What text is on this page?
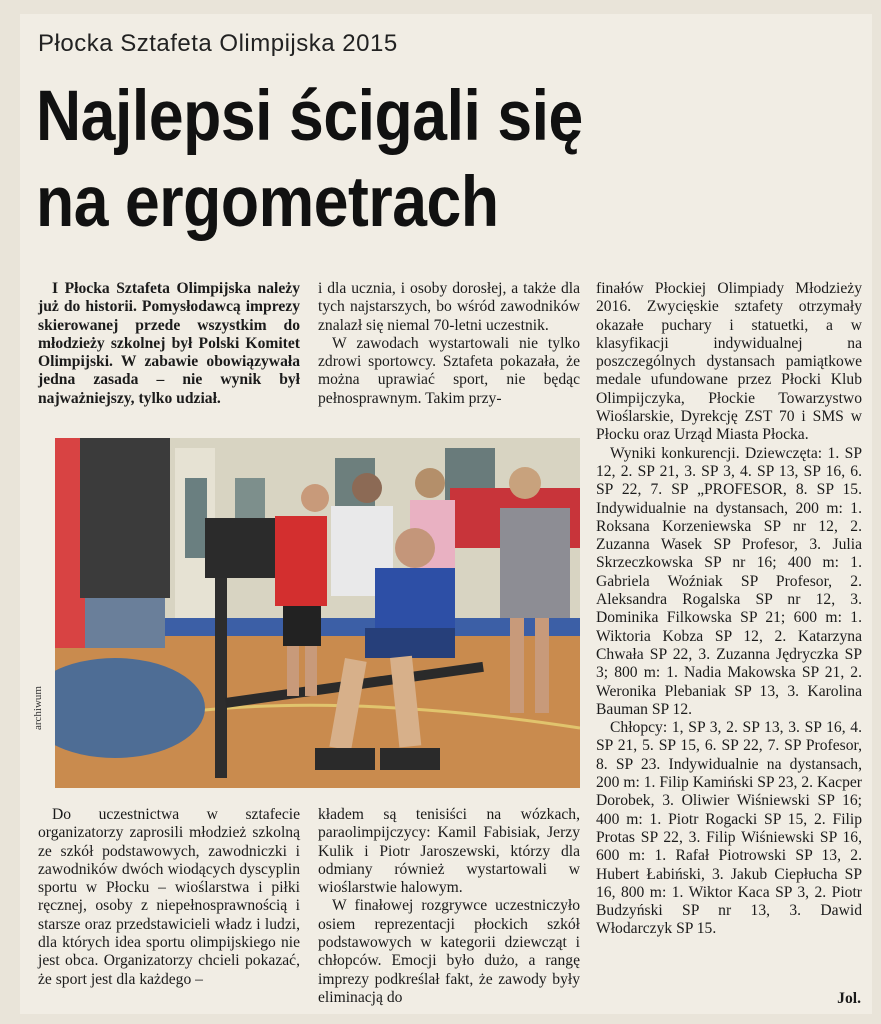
Płocka Sztafeta Olimpijska 2015
Najlepsi ścigali się
na ergometrach

I Płocka Sztafeta Olimpijska należy już do historii. Pomysłodawcą imprezy skierowanej przede wszystkim do młodzieży szkolnej był Polski Komitet Olimpijski. W zabawie obowiązywała jedna zasada – nie wynik był najważniejszy, tylko udział.

i dla ucznia, i osoby dorosłej, a także dla tych najstarszych, bo wśród zawodników znalazł się niemal 70-letni uczestnik.

W zawodach wystartowali nie tylko zdrowi sportowcy. Sztafeta pokazała, że można uprawiać sport, nie będąc pełnosprawnym. Takim przy-

finałów Płockiej Olimpiady Młodzieży 2016. Zwycięskie sztafety otrzymały okazałe puchary i statuetki, a w klasyfikacji indywidualnej na poszczególnych dystansach pamiątkowe medale ufundowane przez Płocki Klub Olimpijczyka, Płockie Towarzystwo Wioślarskie, Dyrekcję ZST 70 i SMS w Płocku oraz Urząd Miasta Płocka.

Wyniki konkurencji. Dziewczęta: 1. SP 12, 2. SP 21, 3. SP 3, 4. SP 13, SP 16, 6. SP 22, 7. SP „PROFESOR, 8. SP 15. Indywidualnie na dystansach, 200 m: 1. Roksana Korzeniewska SP nr 12, 2. Zuzanna Wasek SP Profesor, 3. Julia Skrzeczkowska SP nr 16; 400 m: 1. Gabriela Woźniak SP Profesor, 2. Aleksandra Rogalska SP nr 12, 3. Dominika Filkowska SP 21; 600 m: 1. Wiktoria Kobza SP 12, 2. Katarzyna Chwała SP 22, 3. Zuzanna Jędryczka SP 3; 800 m: 1. Nadia Makowska SP 21, 2. Weronika Plebaniak SP 13, 3. Karolina Bauman SP 12.

Chłopcy: 1, SP 3, 2. SP 13, 3. SP 16, 4. SP 21, 5. SP 15, 6. SP 22, 7. SP Profesor, 8. SP 23. Indywidualnie na dystansach, 200 m: 1. Filip Kamiński SP 23, 2. Kacper Dorobek, 3. Oliwier Wiśniewski SP 16; 400 m: 1. Piotr Rogacki SP 15, 2. Filip Protas SP 22, 3. Filip Wiśniewski SP 16, 600 m: 1. Rafał Piotrowski SP 13, 2. Hubert Łabiński, 3. Jakub Ciepłucha SP 16, 800 m: 1. Wiktor Kaca SP 3, 2. Piotr Budzyński SP nr 13, 3. Dawid Włodarczyk SP 15.

archiwum

Do uczestnictwa w sztafecie organizatorzy zaprosili młodzież szkolną ze szkół podstawowych, zawodniczki i zawodników dwóch wiodących dyscyplin sportu w Płocku – wioślarstwa i piłki ręcznej, osoby z niepełnosprawnością i starsze oraz przedstawicieli władz i ludzi, dla których idea sportu olimpijskiego nie jest obca. Organizatorzy chcieli pokazać, że sport jest dla każdego –

kładem są tenisiści na wózkach, paraolimpijczycy: Kamil Fabisiak, Jerzy Kulik i Piotr Jaroszewski, którzy dla odmiany również wystartowali w wioślarstwie halowym.

W finałowej rozgrywce uczestniczyło osiem reprezentacji płockich szkół podstawowych w kategorii dziewcząt i chłopców. Emocji było dużo, a rangę imprezy podkreślał fakt, że zawody były eliminacją do	Jol.
